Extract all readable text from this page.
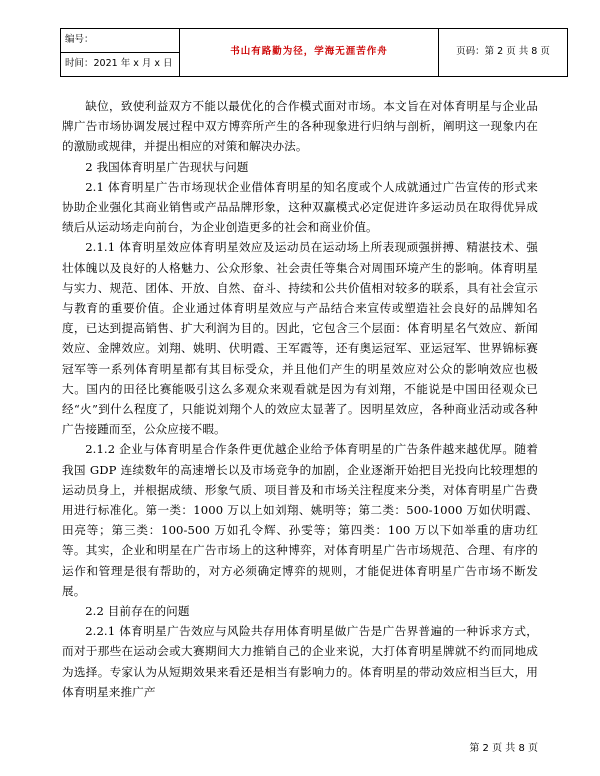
编号：	书山有路勤为径，学海无涯苦作舟	页码：第 2 页 共 8 页
时间：2021 年 x 月 x 日

缺位，致使利益双方不能以最优化的合作模式面对市场。本文旨在对体育明星与企业品牌广告市场协调发展过程中双方博弈所产生的各种现象进行归纳与剖析，阐明这一现象内在的激励或规律，并提出相应的对策和解决办法。

2 我国体育明星广告现状与问题

2.1 体育明星广告市场现状企业借体育明星的知名度或个人成就通过广告宣传的形式来协助企业强化其商业销售或产品品牌形象，这种双赢模式必定促进许多运动员在取得优异成绩后从运动场走向前台，为企业创造更多的社会和商业价值。

2.1.1 体育明星效应体育明星效应及运动员在运动场上所表现顽强拼搏、精湛技术、强壮体魄以及良好的人格魅力、公众形象、社会责任等集合对周围环境产生的影响。体育明星与实力、规范、团体、开放、自然、奋斗、持续和公共价值相对较多的联系，具有社会宣示与教育的重要价值。企业通过体育明星效应与产品结合来宣传或塑造社会良好的品牌知名度，已达到提高销售、扩大利润为目的。因此，它包含三个层面：体育明星名气效应、新闻效应、金牌效应。刘翔、姚明、伏明霞、王军霞等，还有奥运冠军、亚运冠军、世界锦标赛冠军等一系列体育明星都有其目标受众，并且他们产生的明星效应对公众的影响效应也极大。国内的田径比赛能吸引这么多观众来观看就是因为有刘翔，不能说是中国田径观众已经“火”到什么程度了，只能说刘翔个人的效应太显著了。因明星效应，各种商业活动或各种广告接踵而至，公众应接不暇。

2.1.2 企业与体育明星合作条件更优越企业给予体育明星的广告条件越来越优厚。随着我国 GDP 连续数年的高速增长以及市场竞争的加剧，企业逐渐开始把目光投向比较理想的运动员身上，并根据成绩、形象气质、项目普及和市场关注程度来分类，对体育明星广告费用进行标准化。第一类：1000 万以上如刘翔、姚明等；第二类：500-1000 万如伏明霞、田亮等；第三类：100-500 万如孔令辉、孙雯等；第四类：100 万以下如举重的唐功红等。其实，企业和明星在广告市场上的这种博弈，对体育明星广告市场规范、合理、有序的运作和管理是很有帮助的，对方必须确定博弈的规则，才能促进体育明星广告市场不断发展。

2.2 目前存在的问题

2.2.1 体育明星广告效应与风险共存用体育明星做广告是广告界普遍的一种诉求方式，而对于那些在运动会或大赛期间大力推销自己的企业来说，大打体育明星牌就不约而同地成为选择。专家认为从短期效果来看还是相当有影响力的。体育明星的带动效应相当巨大，用体育明星来推广产

第 2 页 共 8 页
